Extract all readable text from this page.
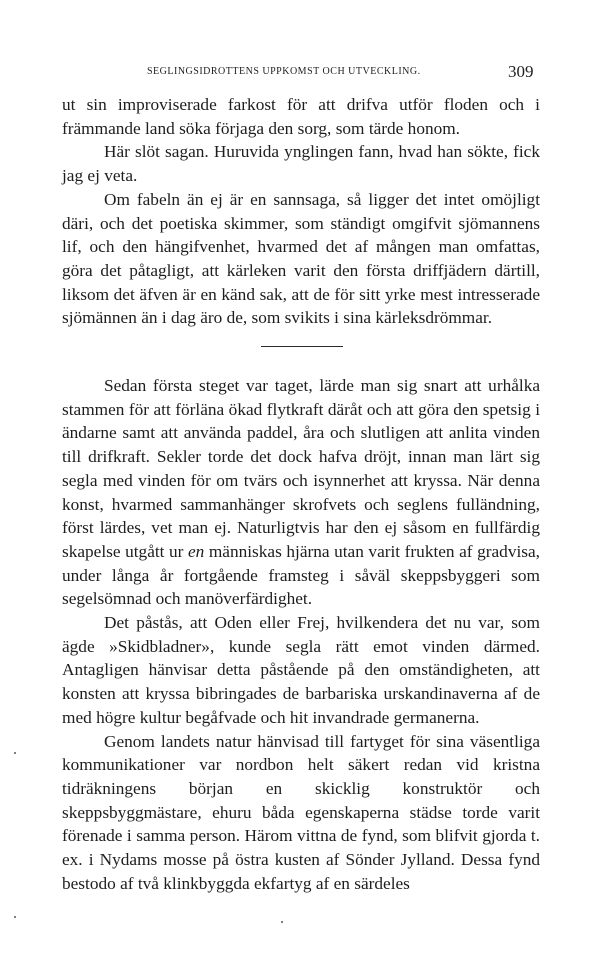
SEGLINGSIDROTTENS UPPKOMST OCH UTVECKLING.	309

ut sin improviserade farkost för att drifva utför floden och i främmande land söka förjaga den sorg, som tärde honom.

Här slöt sagan. Huruvida ynglingen fann, hvad han sökte, fick jag ej veta.

Om fabeln än ej är en sannsaga, så ligger det intet omöjligt däri, och det poetiska skimmer, som ständigt omgifvit sjömannens lif, och den hängifvenhet, hvarmed det af mången man omfattas, göra det påtagligt, att kärleken varit den första driffjädern därtill, liksom det äfven är en känd sak, att de för sitt yrke mest intresserade sjömännen än i dag äro de, som svikits i sina kärleksdrömmar.

Sedan första steget var taget, lärde man sig snart att urhålka stammen för att förläna ökad flytkraft däråt och att göra den spetsig i ändarne samt att använda paddel, åra och slutligen att anlita vinden till drifkraft. Sekler torde det dock hafva dröjt, innan man lärt sig segla med vinden för om tvärs och isynnerhet att kryssa. När denna konst, hvarmed sammanhänger skrofvets och seglens fulländning, först lärdes, vet man ej. Naturligtvis har den ej såsom en fullfärdig skapelse utgått ur en människas hjärna utan varit frukten af gradvisa, under långa år fortgående framsteg i såväl skeppsbyggeri som segelsömnad och manöverfärdighet.

Det påstås, att Oden eller Frej, hvilkendera det nu var, som ägde »Skidbladner», kunde segla rätt emot vinden därmed. Antagligen hänvisar detta påstående på den omständigheten, att konsten att kryssa bibringades de barbariska urskandinaverna af de med högre kultur begåfvade och hit invandrade germanerna.

Genom landets natur hänvisad till fartyget för sina väsentliga kommunikationer var nordbon helt säkert redan vid kristna tidräkningens början en skicklig konstruktör och skeppsbyggmästare, ehuru båda egenskaperna städse torde varit förenade i samma person. Härom vittna de fynd, som blifvit gjorda t. ex. i Nydams mosse på östra kusten af Sönder Jylland. Dessa fynd bestodo af två klinkbyggda ekfartyg af en särdeles
